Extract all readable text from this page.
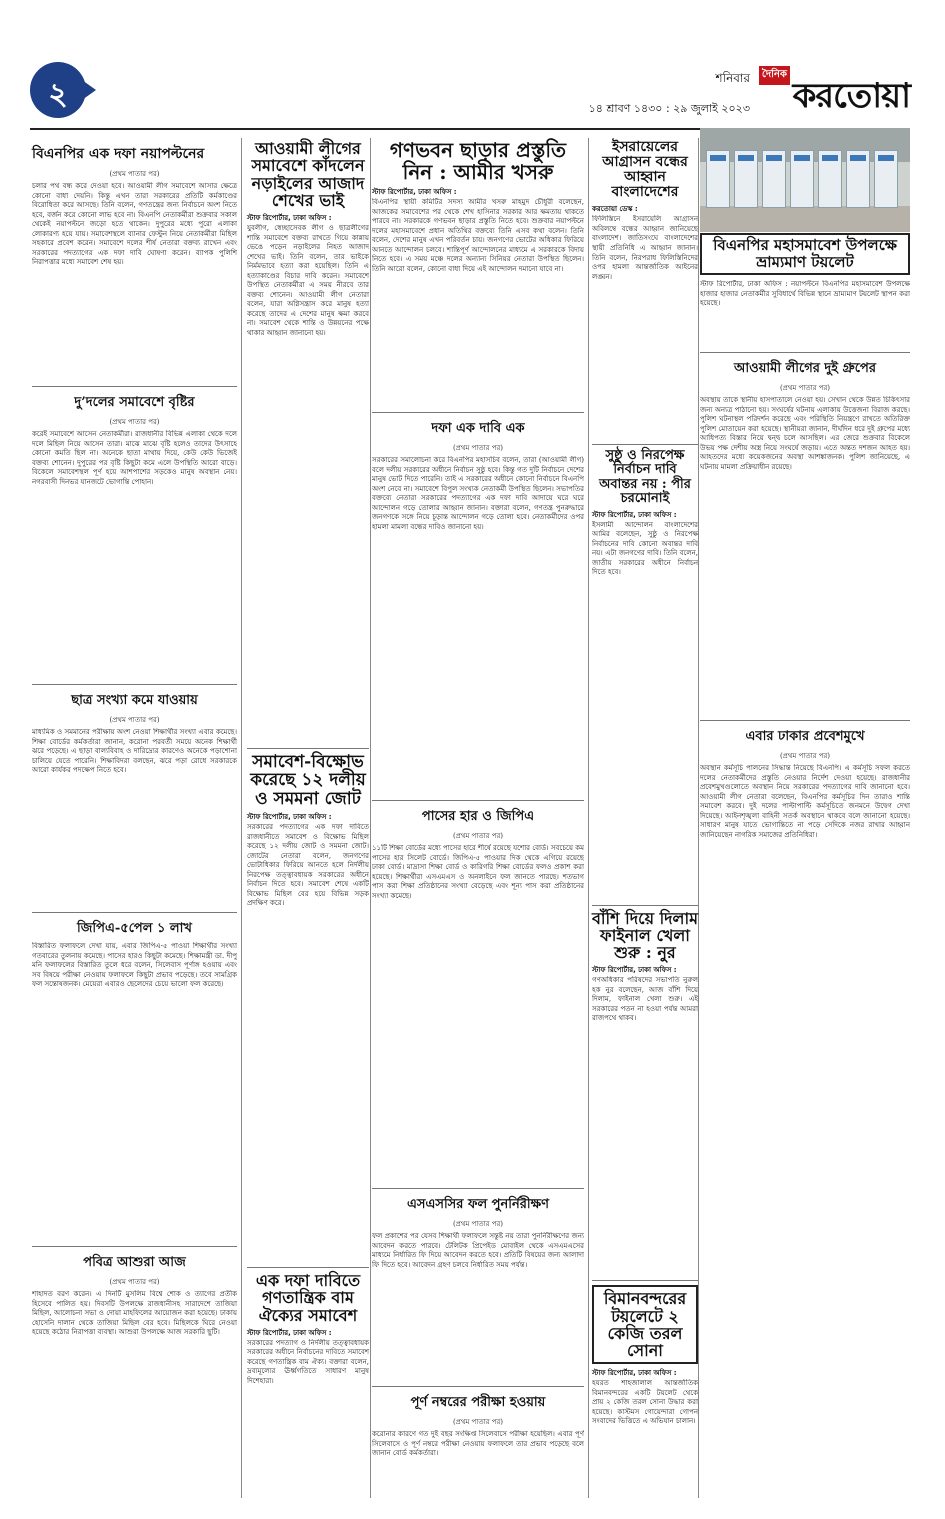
২	শনিবার
১৪ শ্রাবণ ১৪৩০ : ২৯ জুলাই ২০২৩
দৈনিক
করতোয়া
বিএনপির এক দফা নয়াপল্টনের
(প্রথম পাতার পর)
চলার পথ বন্ধ করে দেওয়া হবে। আওয়ামী লীগ সমাবেশে আসার ক্ষেত্রে কোনো বাধা দেয়নি। কিন্তু এখন তারা সরকারের প্রতিটি কর্মকাণ্ডের বিরোধিতা করে আসছে। তিনি বলেন, গণতন্ত্রের জন্য নির্বাচনে অংশ নিতে হবে, বর্জন করে কোনো লাভ হবে না। বিএনপি নেতাকর্মীরা শুক্রবার সকাল থেকেই নয়াপল্টনে জড়ো হতে থাকেন। দুপুরের মধ্যে পুরো এলাকা লোকারণ্য হয়ে যায়। সমাবেশস্থলে ব্যানার ফেস্টুন নিয়ে নেতাকর্মীরা মিছিল সহকারে প্রবেশ করেন। সমাবেশে দলের শীর্ষ নেতারা বক্তব্য রাখেন এবং সরকারের পদত্যাগের এক দফা দাবি ঘোষণা করেন। ব্যাপক পুলিশি নিরাপত্তার মধ্যে সমাবেশ শেষ হয়।
দু’দলের সমাবেশে বৃষ্টির
(প্রথম পাতার পর)
করেই সমাবেশে আসেন নেতাকর্মীরা। রাজধানীর বিভিন্ন এলাকা থেকে দলে দলে মিছিল নিয়ে আসেন তারা। মাঝে মাঝে বৃষ্টি হলেও তাদের উৎসাহে কোনো কমতি ছিল না। অনেকে ছাতা মাথায় দিয়ে, কেউ কেউ ভিজেই বক্তব্য শোনেন। দুপুরের পর বৃষ্টি কিছুটা কমে এলে উপস্থিতি আরো বাড়ে। বিকেলে সমাবেশস্থল পূর্ণ হয়ে আশপাশের সড়কেও মানুষ অবস্থান নেয়। নগরবাসী দিনভর যানজটে ভোগান্তি পোহান।
ছাত্র সংখ্যা কমে যাওয়ায়
(প্রথম পাতার পর)
মাধ্যমিক ও সমমানের পরীক্ষায় অংশ নেওয়া শিক্ষার্থীর সংখ্যা এবার কমেছে। শিক্ষা বোর্ডের কর্মকর্তারা জানান, করোনা পরবর্তী সময়ে অনেক শিক্ষার্থী ঝরে পড়েছে। এ ছাড়া বাল্যবিবাহ ও দারিদ্র্যের কারণেও অনেকে পড়াশোনা চালিয়ে যেতে পারেনি। শিক্ষাবিদরা বলছেন, ঝরে পড়া রোধে সরকারকে আরো কার্যকর পদক্ষেপ নিতে হবে।
জিপিএ-৫পেল ১ লাখ
বিস্তারিত ফলাফলে দেখা যায়, এবার জিপিএ-৫ পাওয়া শিক্ষার্থীর সংখ্যা গতবারের তুলনায় কমেছে। পাসের হারও কিছুটা কমেছে। শিক্ষামন্ত্রী ডা. দীপু মনি ফলাফলের বিস্তারিত তুলে ধরে বলেন, সিলেবাস পূর্ণাঙ্গ হওয়ায় এবং সব বিষয়ে পরীক্ষা নেওয়ায় ফলাফলে কিছুটা প্রভাব পড়েছে। তবে সামগ্রিক ফল সন্তোষজনক। মেয়েরা এবারও ছেলেদের চেয়ে ভালো ফল করেছে।
পবিত্র আশুরা আজ
(প্রথম পাতার পর)
শাহাদত বরণ করেন। এ দিনটি মুসলিম বিশ্বে শোক ও ত্যাগের প্রতীক হিসেবে পালিত হয়। দিবসটি উপলক্ষে রাজধানীসহ সারাদেশে তাজিয়া মিছিল, আলোচনা সভা ও দোয়া মাহফিলের আয়োজন করা হয়েছে। ঢাকায় হোসেনি দালান থেকে তাজিয়া মিছিল বের হবে। মিছিলকে ঘিরে নেওয়া হয়েছে কঠোর নিরাপত্তা ব্যবস্থা। আশুরা উপলক্ষে আজ সরকারি ছুটি।
আওয়ামী লীগের সমাবেশে কাঁদলেন নড়াইলের আজাদ শেখের ভাই
স্টাফ রিপোর্টার, ঢাকা অফিস :
যুবলীগ, স্বেচ্ছাসেবক লীগ ও ছাত্রলীগের শান্তি সমাবেশে বক্তব্য রাখতে গিয়ে কান্নায় ভেঙে পড়েন নড়াইলের নিহত আজাদ শেখের ভাই। তিনি বলেন, তার ভাইকে নির্মমভাবে হত্যা করা হয়েছিল। তিনি এ হত্যাকাণ্ডের বিচার দাবি করেন। সমাবেশে উপস্থিত নেতাকর্মীরা এ সময় নীরবে তার বক্তব্য শোনেন। আওয়ামী লীগ নেতারা বলেন, যারা অগ্নিসন্ত্রাস করে মানুষ হত্যা করেছে তাদের এ দেশের মানুষ ক্ষমা করবে না। সমাবেশ থেকে শান্তি ও উন্নয়নের পক্ষে থাকার আহ্বান জানানো হয়।
সমাবেশ-বিক্ষোভ করেছে ১২ দলীয় ও সমমনা জোট
স্টাফ রিপোর্টার, ঢাকা অফিস :
সরকারের পদত্যাগের এক দফা দাবিতে রাজধানীতে সমাবেশ ও বিক্ষোভ মিছিল করেছে ১২ দলীয় জোট ও সমমনা জোট। জোটের নেতারা বলেন, জনগণের ভোটাধিকার ফিরিয়ে আনতে হলে নির্দলীয় নিরপেক্ষ তত্ত্বাবধায়ক সরকারের অধীনে নির্বাচন দিতে হবে। সমাবেশ শেষে একটি বিক্ষোভ মিছিল বের হয়ে বিভিন্ন সড়ক প্রদক্ষিণ করে।
এক দফা দাবিতে গণতান্ত্রিক বাম ঐক্যের সমাবেশ
স্টাফ রিপোর্টার, ঢাকা অফিস :
সরকারের পদত্যাগ ও নির্দলীয় তত্ত্বাবধায়ক সরকারের অধীনে নির্বাচনের দাবিতে সমাবেশ করেছে গণতান্ত্রিক বাম ঐক্য। বক্তারা বলেন, দ্রব্যমূল্যের ঊর্ধ্বগতিতে সাধারণ মানুষ দিশেহারা।
গণভবন ছাড়ার প্রস্তুতি নিন : আমীর খসরু
স্টাফ রিপোর্টার, ঢাকা অফিস :
বিএনপির স্থায়ী কমিটির সদস্য আমীর খসরু মাহমুদ চৌধুরী বলেছেন, আজকের সমাবেশের পর থেকে শেখ হাসিনার সরকার আর ক্ষমতায় থাকতে পারবে না। সরকারকে গণভবন ছাড়ার প্রস্তুতি নিতে হবে। শুক্রবার নয়াপল্টনে দলের মহাসমাবেশে প্রধান অতিথির বক্তব্যে তিনি এসব কথা বলেন। তিনি বলেন, দেশের মানুষ এখন পরিবর্তন চায়। জনগণের ভোটের অধিকার ফিরিয়ে আনতে আন্দোলন চলবে। শান্তিপূর্ণ আন্দোলনের মাধ্যমে এ সরকারকে বিদায় নিতে হবে। এ সময় মঞ্চে দলের অন্যান্য সিনিয়র নেতারা উপস্থিত ছিলেন। তিনি আরো বলেন, কোনো বাধা দিয়ে এই আন্দোলন দমানো যাবে না।
দফা এক দাবি এক
(প্রথম পাতার পর)
সরকারের সমালোচনা করে বিএনপির মহাসচিব বলেন, তারা (আওয়ামী লীগ) বলে দলীয় সরকারের অধীনে নির্বাচন সুষ্ঠু হবে। কিন্তু গত দুটি নির্বাচনে দেশের মানুষ ভোট দিতে পারেনি। তাই এ সরকারের অধীনে কোনো নির্বাচনে বিএনপি অংশ নেবে না। সমাবেশে বিপুল সংখ্যক নেতাকর্মী উপস্থিত ছিলেন। সভাপতির বক্তব্যে নেতারা সরকারের পদত্যাগের এক দফা দাবি আদায়ে ঘরে ঘরে আন্দোলন গড়ে তোলার আহ্বান জানান। বক্তারা বলেন, গণতন্ত্র পুনরুদ্ধারে জনগণকে সঙ্গে নিয়ে চূড়ান্ত আন্দোলন গড়ে তোলা হবে। নেতাকর্মীদের ওপর হামলা মামলা বন্ধের দাবিও জানানো হয়।
পাসের হার ও জিপিএ
(প্রথম পাতার পর)
১১টি শিক্ষা বোর্ডের মধ্যে পাসের হারে শীর্ষে রয়েছে যশোর বোর্ড। সবচেয়ে কম পাসের হার সিলেট বোর্ডে। জিপিএ-৫ পাওয়ার দিক থেকে এগিয়ে রয়েছে ঢাকা বোর্ড। মাদ্রাসা শিক্ষা বোর্ড ও কারিগরি শিক্ষা বোর্ডের ফলও প্রকাশ করা হয়েছে। শিক্ষার্থীরা এসএমএস ও অনলাইনে ফল জানতে পারছে। শতভাগ পাস করা শিক্ষা প্রতিষ্ঠানের সংখ্যা বেড়েছে এবং শূন্য পাস করা প্রতিষ্ঠানের সংখ্যা কমেছে।
এসএসসির ফল পুনর্নিরীক্ষণ
(প্রথম পাতার পর)
ফল প্রকাশের পর যেসব শিক্ষার্থী ফলাফলে সন্তুষ্ট নয় তারা পুনর্নিরীক্ষণের জন্য আবেদন করতে পারবে। টেলিটক প্রিপেইড মোবাইল থেকে এসএমএসের মাধ্যমে নির্ধারিত ফি দিয়ে আবেদন করতে হবে। প্রতিটি বিষয়ের জন্য আলাদা ফি দিতে হবে। আবেদন গ্রহণ চলবে নির্ধারিত সময় পর্যন্ত।
পূর্ণ নম্বরের পরীক্ষা হওয়ায়
(প্রথম পাতার পর)
করোনার কারণে গত দুই বছর সংক্ষিপ্ত সিলেবাসে পরীক্ষা হয়েছিল। এবার পূর্ণ সিলেবাসে ও পূর্ণ নম্বরে পরীক্ষা নেওয়ায় ফলাফলে তার প্রভাব পড়েছে বলে জানান বোর্ড কর্মকর্তারা।
ইসরায়েলের আগ্রাসন বন্ধের আহ্বান বাংলাদেশের
করতোয়া ডেস্ক :
ফিলিস্তিনে ইসরায়েলি আগ্রাসন অবিলম্বে বন্ধের আহ্বান জানিয়েছে বাংলাদেশ। জাতিসংঘে বাংলাদেশের স্থায়ী প্রতিনিধি এ আহ্বান জানান। তিনি বলেন, নিরপরাধ ফিলিস্তিনিদের ওপর হামলা আন্তর্জাতিক আইনের লঙ্ঘন।
সুষ্ঠু ও নিরপেক্ষ নির্বাচন দাবি অবান্তর নয় : পীর চরমোনাই
স্টাফ রিপোর্টার, ঢাকা অফিস :
ইসলামী আন্দোলন বাংলাদেশের আমির বলেছেন, সুষ্ঠু ও নিরপেক্ষ নির্বাচনের দাবি কোনো অবান্তর দাবি নয়। এটা জনগণের দাবি। তিনি বলেন, জাতীয় সরকারের অধীনে নির্বাচন দিতে হবে।
বাঁশি দিয়ে দিলাম ফাইনাল খেলা শুরু : নুর
স্টাফ রিপোর্টার, ঢাকা অফিস :
গণঅধিকার পরিষদের সভাপতি নুরুল হক নুর বলেছেন, আজ বাঁশি দিয়ে দিলাম, ফাইনাল খেলা শুরু। এই সরকারের পতন না হওয়া পর্যন্ত আমরা রাজপথে থাকব।
বিমানবন্দরের টয়লেটে ২ কেজি তরল সোনা
স্টাফ রিপোর্টার, ঢাকা অফিস :
হযরত শাহজালাল আন্তর্জাতিক বিমানবন্দরের একটি টয়লেট থেকে প্রায় ২ কেজি তরল সোনা উদ্ধার করা হয়েছে। কাস্টমস গোয়েন্দারা গোপন সংবাদের ভিত্তিতে এ অভিযান চালান।
বিএনপির মহাসমাবেশ উপলক্ষে ভ্রাম্যমাণ টয়লেট
স্টাফ রিপোর্টার, ঢাকা অফিস : নয়াপল্টনে বিএনপির মহাসমাবেশ উপলক্ষে হাজার হাজার নেতাকর্মীর সুবিধার্থে বিভিন্ন স্থানে ভ্রাম্যমাণ টয়লেট স্থাপন করা হয়েছে।
আওয়ামী লীগের দুই গ্রুপের
(প্রথম পাতার পর)
অবস্থায় তাকে স্থানীয় হাসপাতালে নেওয়া হয়। সেখান থেকে উন্নত চিকিৎসার জন্য অন্যত্র পাঠানো হয়। সংঘর্ষের ঘটনায় এলাকায় উত্তেজনা বিরাজ করছে। পুলিশ ঘটনাস্থল পরিদর্শন করেছে এবং পরিস্থিতি নিয়ন্ত্রণে রাখতে অতিরিক্ত পুলিশ মোতায়েন করা হয়েছে। স্থানীয়রা জানান, দীর্ঘদিন ধরে দুই গ্রুপের মধ্যে আধিপত্য বিস্তার নিয়ে দ্বন্দ্ব চলে আসছিল। এর জেরে শুক্রবার বিকেলে উভয় পক্ষ দেশীয় অস্ত্র নিয়ে সংঘর্ষে জড়ায়। এতে অন্তত দশজন আহত হয়। আহতদের মধ্যে কয়েকজনের অবস্থা আশঙ্কাজনক। পুলিশ জানিয়েছে, এ ঘটনায় মামলা প্রক্রিয়াধীন রয়েছে।
এবার ঢাকার প্রবেশমুখে
(প্রথম পাতার পর)
অবস্থান কর্মসূচি পালনের সিদ্ধান্ত নিয়েছে বিএনপি। এ কর্মসূচি সফল করতে দলের নেতাকর্মীদের প্রস্তুতি নেওয়ার নির্দেশ দেওয়া হয়েছে। রাজধানীর প্রবেশমুখগুলোতে অবস্থান নিয়ে সরকারের পদত্যাগের দাবি জানানো হবে। আওয়ামী লীগ নেতারা বলেছেন, বিএনপির কর্মসূচির দিন তারাও শান্তি সমাবেশ করবে। দুই দলের পাল্টাপাল্টি কর্মসূচিতে জনমনে উদ্বেগ দেখা দিয়েছে। আইনশৃঙ্খলা বাহিনী সতর্ক অবস্থানে থাকবে বলে জানানো হয়েছে। সাধারণ মানুষ যাতে ভোগান্তিতে না পড়ে সেদিকে নজর রাখার আহ্বান জানিয়েছেন নাগরিক সমাজের প্রতিনিধিরা।
